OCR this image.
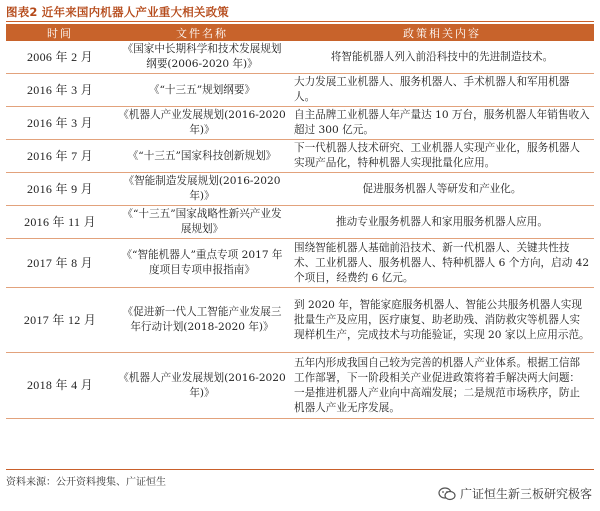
图表2 近年来国内机器人产业重大相关政策
时间	文件名称	政策相关内容
2006 年 2 月	《国家中长期科学和技术发展规划纲要(2006-2020 年)》	将智能机器人列入前沿科技中的先进制造技术。
2016 年 3 月	《“十三五”规划纲要》	大力发展工业机器人、服务机器人、手术机器人和军用机器人。
2016 年 3 月	《机器人产业发展规划(2016-2020 年)》	自主品牌工业机器人年产量达 10 万台，服务机器人年销售收入超过 300 亿元。
2016 年 7 月	《“十三五”国家科技创新规划》	下一代机器人技术研究、工业机器人实现产业化，服务机器人实现产品化，特种机器人实现批量化应用。
2016 年 9 月	《智能制造发展规划(2016-2020 年)》	促进服务机器人等研发和产业化。
2016 年 11 月	《“十三五”国家战略性新兴产业发展规划》	推动专业服务机器人和家用服务机器人应用。
2017 年 8 月	《“智能机器人”重点专项 2017 年度项目专项申报指南》	围绕智能机器人基础前沿技术、新一代机器人、关键共性技术、工业机器人、服务机器人、特种机器人 6 个方向，启动 42 个项目，经费约 6 亿元。
2017 年 12 月	《促进新一代人工智能产业发展三年行动计划(2018-2020 年)》	到 2020 年，智能家庭服务机器人、智能公共服务机器人实现批量生产及应用，医疗康复、助老助残、消防救灾等机器人实现样机生产，完成技术与功能验证，实现 20 家以上应用示范。
2018 年 4 月	《机器人产业发展规划(2016-2020 年)》	五年内形成我国自己较为完善的机器人产业体系。根据工信部工作部署，下一阶段相关产业促进政策将着手解决两大问题：一是推进机器人产业向中高端发展；二是规范市场秩序，防止机器人产业无序发展。
资料来源：公开资料搜集、广证恒生
广证恒生新三板研究极客
